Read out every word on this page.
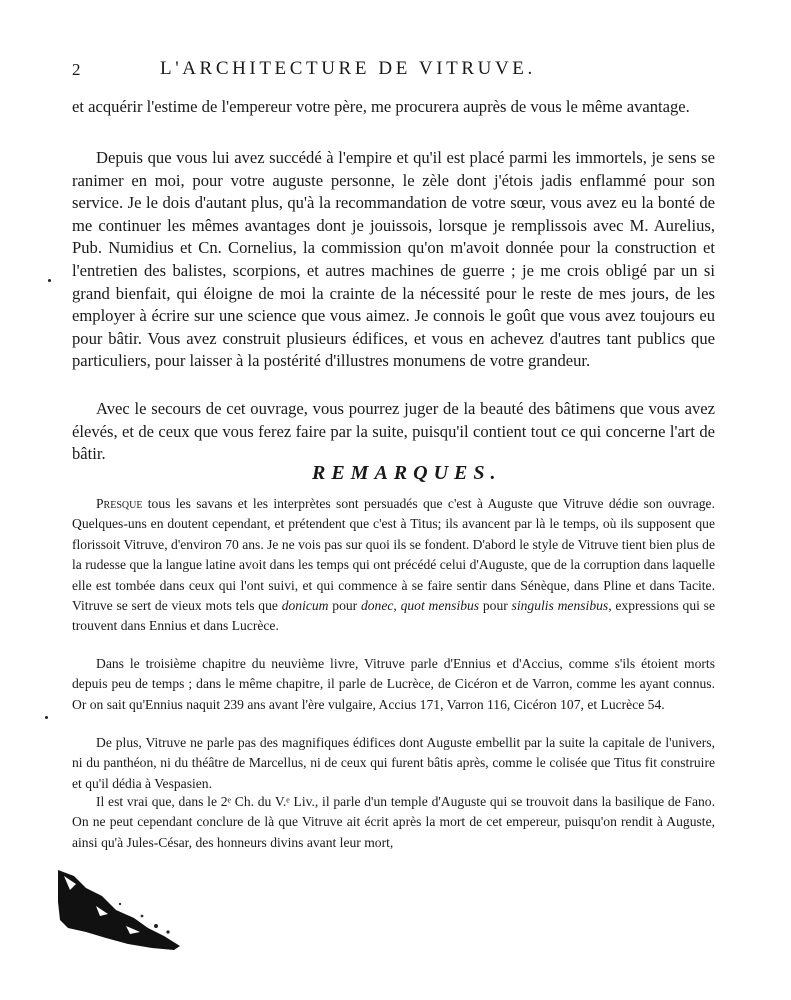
2	L'ARCHITECTURE DE VITRUVE.

et acquérir l'estime de l'empereur votre père, me procurera auprès de vous le même avantage.

Depuis que vous lui avez succédé à l'empire et qu'il est placé parmi les immortels, je sens se ranimer en moi, pour votre auguste personne, le zèle dont j'étois jadis enflammé pour son service. Je le dois d'autant plus, qu'à la recommandation de votre sœur, vous avez eu la bonté de me continuer les mêmes avantages dont je jouissois, lorsque je remplissois avec M. Aurelius, Pub. Numidius et Cn. Cornelius, la commission qu'on m'avoit donnée pour la construction et l'entretien des balistes, scorpions, et autres machines de guerre ; je me crois obligé par un si grand bienfait, qui éloigne de moi la crainte de la nécessité pour le reste de mes jours, de les employer à écrire sur une science que vous aimez. Je connois le goût que vous avez toujours eu pour bâtir. Vous avez construit plusieurs édifices, et vous en achevez d'autres tant publics que particuliers, pour laisser à la postérité d'illustres monumens de votre grandeur.

Avec le secours de cet ouvrage, vous pourrez juger de la beauté des bâtimens que vous avez élevés, et de ceux que vous ferez faire par la suite, puisqu'il contient tout ce qui concerne l'art de bâtir.

REMARQUES.

Presque tous les savans et les interprètes sont persuadés que c'est à Auguste que Vitruve dédie son ouvrage. Quelques-uns en doutent cependant, et prétendent que c'est à Titus; ils avancent par là le temps, où ils supposent que florissoit Vitruve, d'environ 70 ans. Je ne vois pas sur quoi ils se fondent. D'abord le style de Vitruve tient bien plus de la rudesse que la langue latine avoit dans les temps qui ont précédé celui d'Auguste, que de la corruption dans laquelle elle est tombée dans ceux qui l'ont suivi, et qui commence à se faire sentir dans Sénèque, dans Pline et dans Tacite. Vitruve se sert de vieux mots tels que donicum pour donec, quot mensibus pour singulis mensibus, expressions qui se trouvent dans Ennius et dans Lucrèce.

Dans le troisième chapitre du neuvième livre, Vitruve parle d'Ennius et d'Accius, comme s'ils étoient morts depuis peu de temps ; dans le même chapitre, il parle de Lucrèce, de Cicéron et de Varron, comme les ayant connus. Or on sait qu'Ennius naquit 239 ans avant l'ère vulgaire, Accius 171, Varron 116, Cicéron 107, et Lucrèce 54.

De plus, Vitruve ne parle pas des magnifiques édifices dont Auguste embellit par la suite la capitale de l'univers, ni du panthéon, ni du théâtre de Marcellus, ni de ceux qui furent bâtis après, comme le colisée que Titus fit construire et qu'il dédia à Vespasien.

Il est vrai que, dans le 2ᵉ Ch. du V.ᵉ Liv., il parle d'un temple d'Auguste qui se trouvoit dans la basilique de Fano. On ne peut cependant conclure de là que Vitruve ait écrit après la mort de cet empereur, puisqu'on rendit à Auguste, ainsi qu'à Jules-César, des honneurs divins avant leur mort,
